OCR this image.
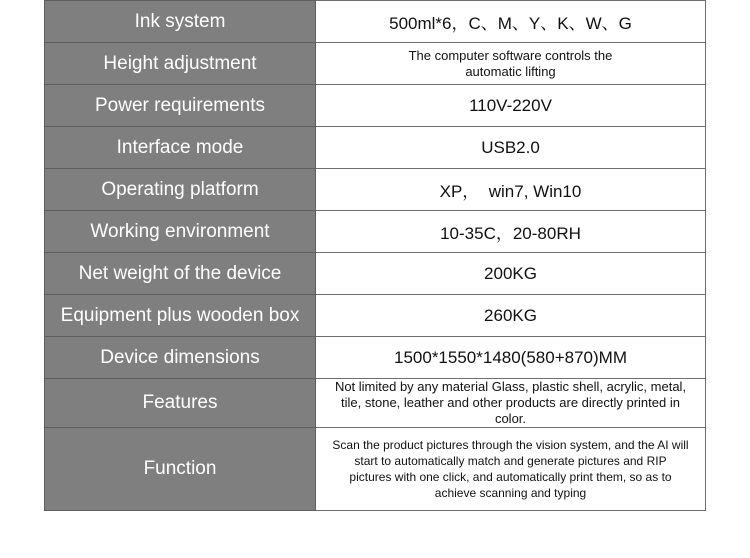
Ink system	500ml*6，C、M、Y、K、W、G
Height adjustment	The computer software controls the
automatic lifting

Power requirements	110V-220V
Interface mode	USB2.0
Operating platform	XP，  win7, Win10
Working environment	10-35C，20-80RH
Net weight of the device	200KG
Equipment plus wooden box	260KG
Device dimensions	1500*1550*1480(580+870)MM
Features	Not limited by any material Glass, plastic shell, acrylic, metal, tile, stone, leather and other products are directly printed in color.

Function	Scan the product pictures through the vision system, and the AI will start to automatically match and generate pictures and RIP pictures with one click, and automatically print them, so as to achieve scanning and typing
